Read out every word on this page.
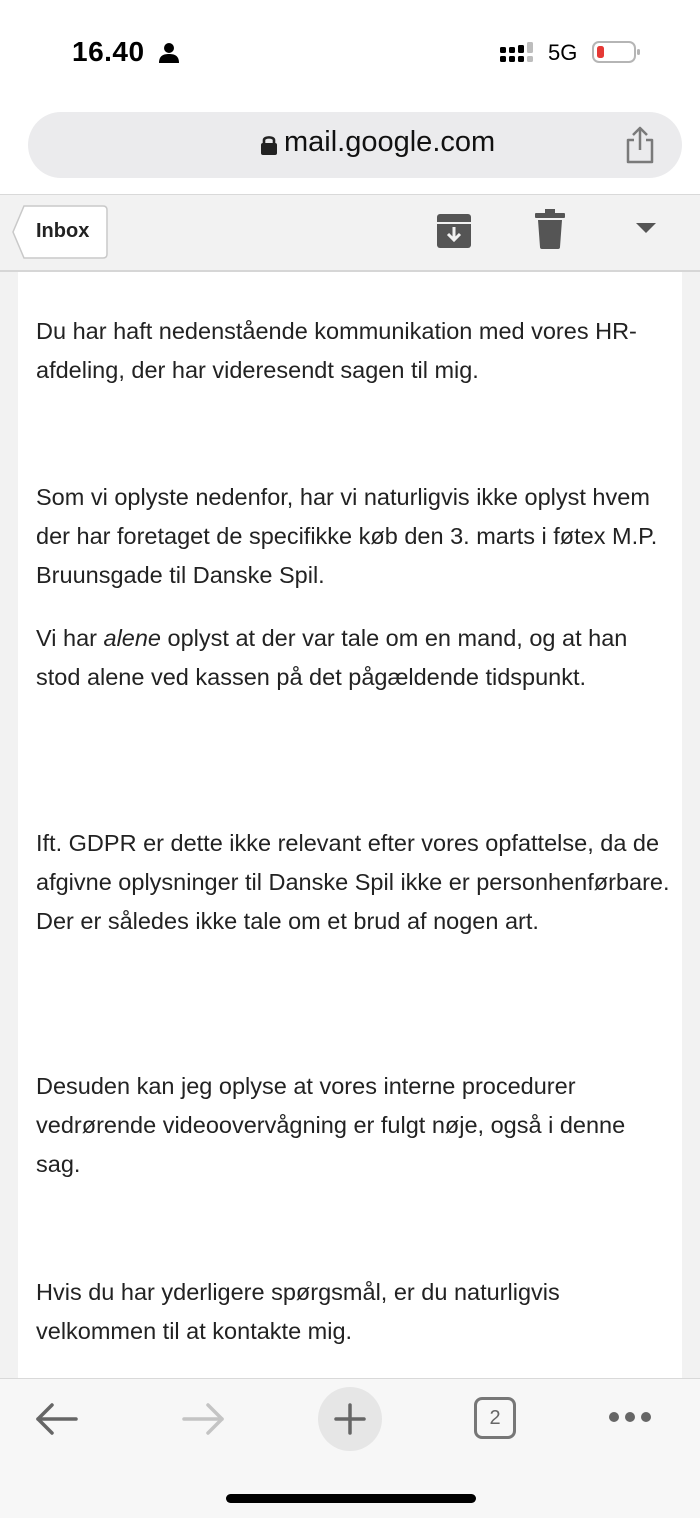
16.40	5G
mail.google.com
Inbox

Du har haft nedenstående kommunikation med vores HR-afdeling, der har videresendt sagen til mig.

Som vi oplyste nedenfor, har vi naturligvis ikke oplyst hvem der har foretaget de specifikke køb den 3. marts i føtex M.P. Bruunsgade til Danske Spil.

Vi har alene oplyst at der var tale om en mand, og at han stod alene ved kassen på det pågældende tidspunkt.

Ift. GDPR er dette ikke relevant efter vores opfattelse, da de afgivne oplysninger til Danske Spil ikke er personhenførbare. Der er således ikke tale om et brud af nogen art.

Desuden kan jeg oplyse at vores interne procedurer vedrørende videoovervågning er fulgt nøje, også i denne sag.

Hvis du har yderligere spørgsmål, er du naturligvis velkommen til at kontakte mig.

2
